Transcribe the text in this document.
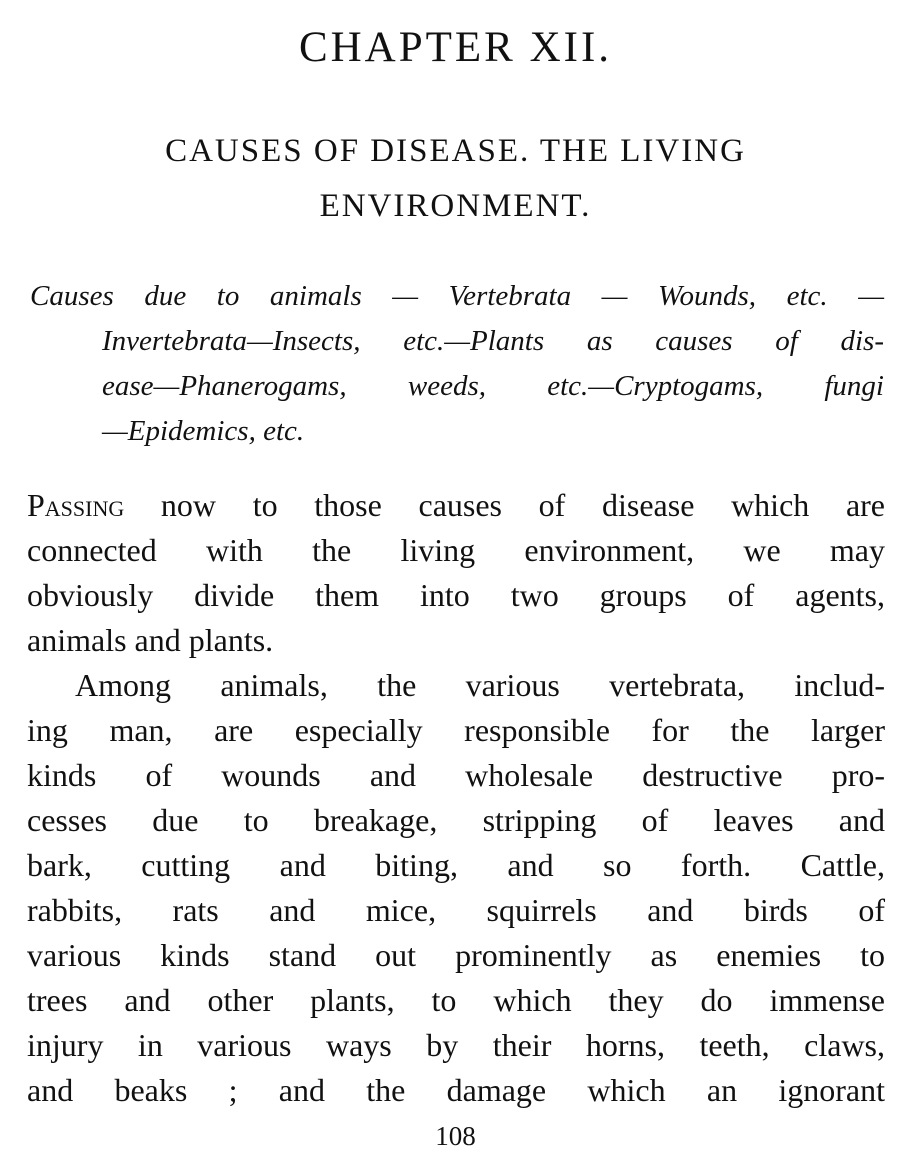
CHAPTER XII.
CAUSES OF DISEASE. THE LIVING
ENVIRONMENT.
Causes due to animals — Vertebrata — Wounds, etc. —
Invertebrata—Insects, etc.—Plants as causes of dis-
ease—Phanerogams, weeds, etc.—Cryptogams, fungi
—Epidemics, etc.
Passing now to those causes of disease which are
connected with the living environment, we may
obviously divide them into two groups of agents,
animals and plants.
Among animals, the various vertebrata, includ-
ing man, are especially responsible for the larger
kinds of wounds and wholesale destructive pro-
cesses due to breakage, stripping of leaves and
bark, cutting and biting, and so forth. Cattle,
rabbits, rats and mice, squirrels and birds of
various kinds stand out prominently as enemies to
trees and other plants, to which they do immense
injury in various ways by their horns, teeth, claws,
and beaks ; and the damage which an ignorant
108
